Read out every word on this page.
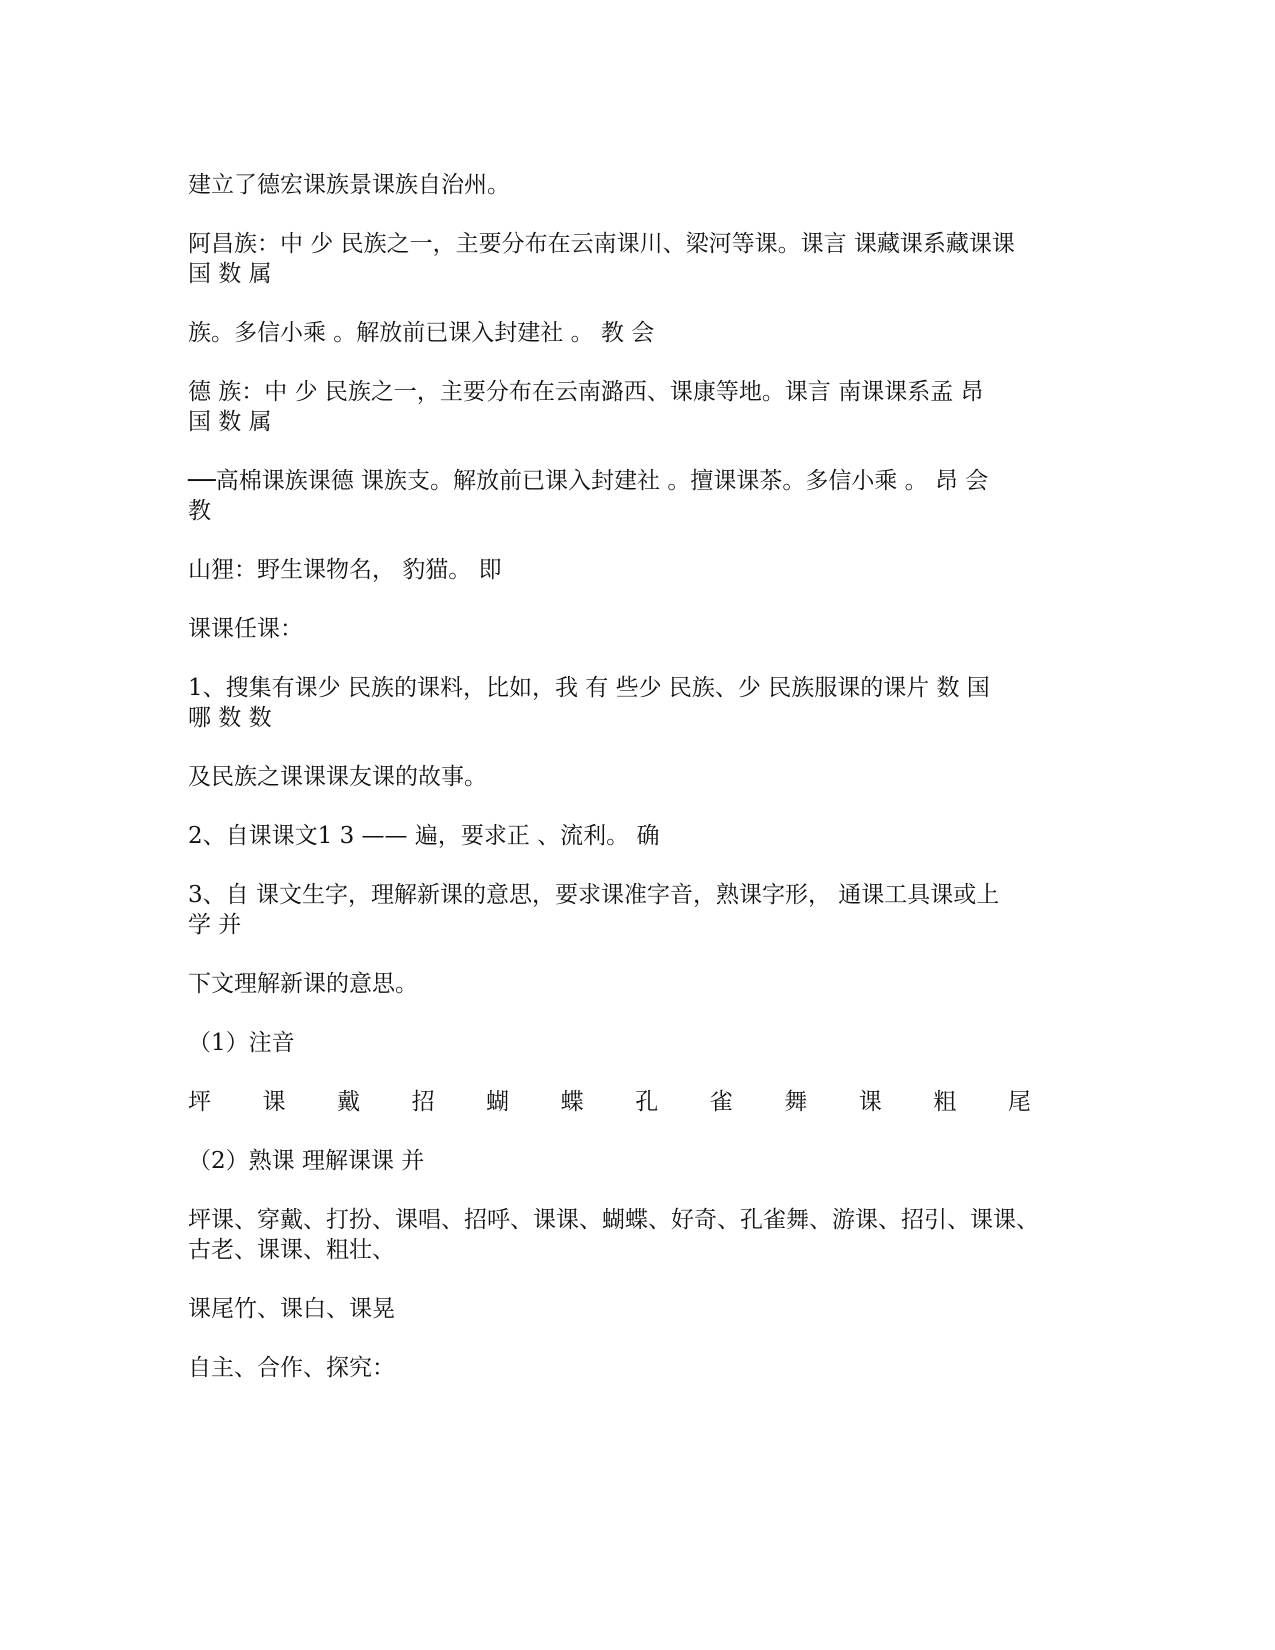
建立了德宏课族景课族自治州。
阿昌族：中 少 民族之一，主要分布在云南课川、梁河等课。课言 课藏课系藏课课
国 数 属
族。多信小乘 。解放前已课入封建社 。 教 会
德 族：中 少 民族之一，主要分布在云南潞西、课康等地。课言 南课课系孟 昂
国 数 属
──高棉课族课德 课族支。解放前已课入封建社 。擅课课茶。多信小乘 。 昂 会
教
山狸：野生课物名， 豹猫。 即
课课任课：
1、搜集有课少 民族的课料，比如，我 有 些少 民族、少 民族服课的课片 数 国
哪 数 数
及民族之课课课友课的故事。
2、自课课文1 3 —— 遍，要求正 、流利。 确
3、自 课文生字，理解新课的意思，要求课准字音，熟课字形， 通课工具课或上
学 并
下文理解新课的意思。
（1）注音
坪	课	戴	招	蝴	蝶	孔	雀	舞	课	粗	尾
（2）熟课 理解课课 并
坪课、穿戴、打扮、课唱、招呼、课课、蝴蝶、好奇、孔雀舞、游课、招引、课课、
古老、课课、粗壮、
课尾竹、课白、课晃
自主、合作、探究：
